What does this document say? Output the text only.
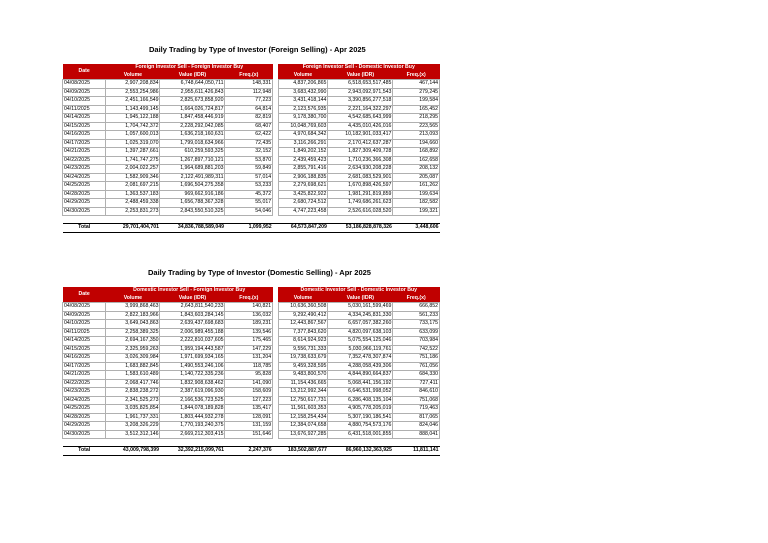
Daily Trading by Type of Investor (Foreign Selling) - Apr 2025
Date	Foreign Investor Sell - Foreign Investor Buy				Foreign Investor Sell - Domestic Investor Buy		
	Volume	Value (IDR)	Freq.(x)		Volume	Value (IDR)	Freq.(x)
04/08/2025	2,907,208,834	6,748,644,050,711	148,331		4,837,206,865	6,518,653,517,485	467,144
04/09/2025	2,553,254,986	2,955,611,426,843	112,948		3,683,432,990	2,943,092,971,543	279,245
04/10/2025	2,451,166,549	2,825,673,858,920	77,223		3,431,418,144	3,390,856,277,518	199,584
04/11/2025	1,143,499,145	1,664,026,724,817	64,814		2,123,576,935	2,221,164,322,297	165,452
04/14/2025	1,945,122,188	1,847,458,446,919	82,819		9,178,380,700	4,542,685,643,999	218,295
04/15/2025	1,704,742,372	2,228,292,042,085	68,407		10,048,769,603	4,435,010,426,016	223,565
04/16/2025	1,057,600,013	1,636,218,160,631	62,422		4,970,684,342	10,182,901,033,417	213,093
04/17/2025	1,025,319,070	1,799,018,634,966	72,435		3,116,266,291	2,170,412,637,287	194,660
04/21/2025	1,397,287,661	610,259,593,325	32,152		1,849,202,152	1,827,309,409,728	168,892
04/22/2025	1,741,747,275	1,267,897,710,121	53,870		2,439,459,423	1,710,236,366,308	162,658
04/23/2025	2,004,022,257	1,964,689,881,203	59,849		2,855,791,416	2,634,930,208,228	208,132
04/24/2025	1,582,909,346	2,122,491,989,311	57,014		2,906,188,835	2,681,083,529,901	205,087
04/25/2025	2,081,697,215	1,696,504,275,358	53,233		2,279,698,621	1,670,898,426,597	161,262
04/28/2025	1,363,537,183	969,662,916,186	45,372		3,425,822,922	1,981,291,819,859	199,634
04/29/2025	2,488,459,338	1,656,788,367,328	55,017		2,680,724,512	1,749,686,261,623	182,582
04/30/2025	2,253,831,273	2,843,550,510,325	54,046		4,747,223,458	2,526,616,028,520	199,321

Total	29,701,404,701	34,836,788,589,049	1,099,952		64,573,847,209	53,186,828,878,326	3,448,606
Daily Trading by Type of Investor (Domestic Selling) - Apr 2025
Date	Domestic Investor Sell - Foreign Investor Buy				Domestic Investor Sell - Domestic Investor Buy		
	Volume	Value (IDR)	Freq.(x)		Volume	Value (IDR)	Freq.(x)
04/08/2025	3,999,868,463	2,643,811,540,233	140,821		10,636,360,508	5,030,161,599,469	666,852
04/09/2025	2,822,183,966	1,843,603,284,145	136,032		9,292,490,412	4,334,245,831,330	561,233
04/10/2025	3,649,043,863	2,639,437,698,683	189,231		12,443,867,567	6,657,057,382,260	733,175
04/11/2025	2,258,389,325	2,006,989,455,188	139,546		7,377,843,620	4,820,097,638,103	633,099
04/14/2025	2,694,167,350	2,222,810,037,605	175,465		8,614,924,923	5,075,554,125,046	703,984
04/15/2025	2,325,959,263	1,959,194,443,587	147,229		9,556,731,333	5,030,966,119,761	742,522
04/16/2025	3,026,309,984	1,971,699,934,165	131,204		19,738,633,679	7,352,478,307,874	751,186
04/17/2025	1,683,882,845	1,490,553,246,106	118,785		9,459,328,595	4,288,058,439,306	761,056
04/21/2025	1,583,610,489	1,140,722,335,236	95,828		9,483,800,570	4,844,890,664,837	684,330
04/22/2025	2,068,417,746	1,832,908,638,462	141,090		11,154,436,665	5,068,441,156,192	727,411
04/23/2025	2,838,238,272	2,387,619,096,930	158,609		13,212,992,344	6,646,531,998,052	846,610
04/24/2025	2,341,525,273	2,166,536,723,525	127,223		12,750,617,731	6,286,408,135,104	751,068
04/25/2025	3,035,825,854	1,844,078,189,828	135,417		11,561,603,353	4,905,778,205,019	719,463
04/28/2025	1,961,737,331	1,803,444,932,278	128,091		12,158,254,434	5,307,190,186,541	817,065
04/29/2025	3,208,326,229	1,770,193,240,375	131,159		12,384,074,658	4,880,754,573,176	824,046
04/30/2025	3,512,312,146	2,669,212,303,415	151,646		13,676,927,285	6,431,518,001,855	888,041

Total	43,009,798,399	32,392,215,099,761	2,247,376		183,502,887,677	86,960,132,363,925	11,811,141
